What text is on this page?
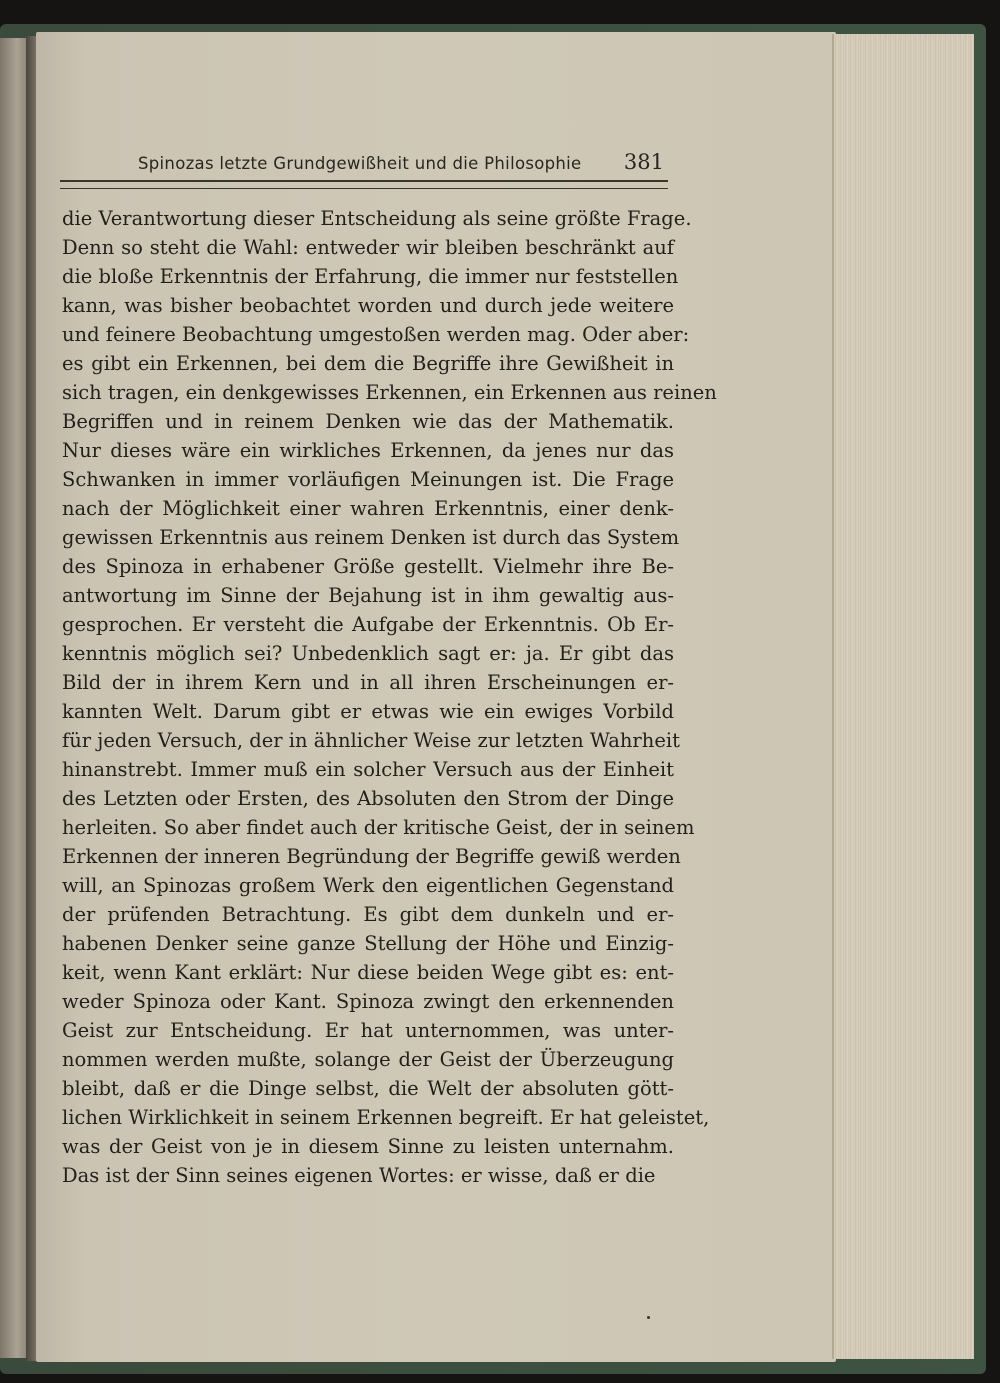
Spinozas letzte Grundgewißheit und die Philosophie 381
die Verantwortung dieser Entscheidung als seine größte Frage.
Denn so steht die Wahl: entweder wir bleiben beschränkt auf
die bloße Erkenntnis der Erfahrung, die immer nur feststellen
kann, was bisher beobachtet worden und durch jede weitere
und feinere Beobachtung umgestoßen werden mag. Oder aber:
es gibt ein Erkennen, bei dem die Begriffe ihre Gewißheit in
sich tragen, ein denkgewisses Erkennen, ein Erkennen aus reinen
Begriffen und in reinem Denken wie das der Mathematik.
Nur dieses wäre ein wirkliches Erkennen, da jenes nur das
Schwanken in immer vorläufigen Meinungen ist. Die Frage
nach der Möglichkeit einer wahren Erkenntnis, einer denk-
gewissen Erkenntnis aus reinem Denken ist durch das System
des Spinoza in erhabener Größe gestellt. Vielmehr ihre Be-
antwortung im Sinne der Bejahung ist in ihm gewaltig aus-
gesprochen. Er versteht die Aufgabe der Erkenntnis. Ob Er-
kenntnis möglich sei? Unbedenklich sagt er: ja. Er gibt das
Bild der in ihrem Kern und in all ihren Erscheinungen er-
kannten Welt. Darum gibt er etwas wie ein ewiges Vorbild
für jeden Versuch, der in ähnlicher Weise zur letzten Wahrheit
hinanstrebt. Immer muß ein solcher Versuch aus der Einheit
des Letzten oder Ersten, des Absoluten den Strom der Dinge
herleiten. So aber findet auch der kritische Geist, der in seinem
Erkennen der inneren Begründung der Begriffe gewiß werden
will, an Spinozas großem Werk den eigentlichen Gegenstand
der prüfenden Betrachtung. Es gibt dem dunkeln und er-
habenen Denker seine ganze Stellung der Höhe und Einzig-
keit, wenn Kant erklärt: Nur diese beiden Wege gibt es: ent-
weder Spinoza oder Kant. Spinoza zwingt den erkennenden
Geist zur Entscheidung. Er hat unternommen, was unter-
nommen werden mußte, solange der Geist der Überzeugung
bleibt, daß er die Dinge selbst, die Welt der absoluten gött-
lichen Wirklichkeit in seinem Erkennen begreift. Er hat geleistet,
was der Geist von je in diesem Sinne zu leisten unternahm.
Das ist der Sinn seines eigenen Wortes: er wisse, daß er die
